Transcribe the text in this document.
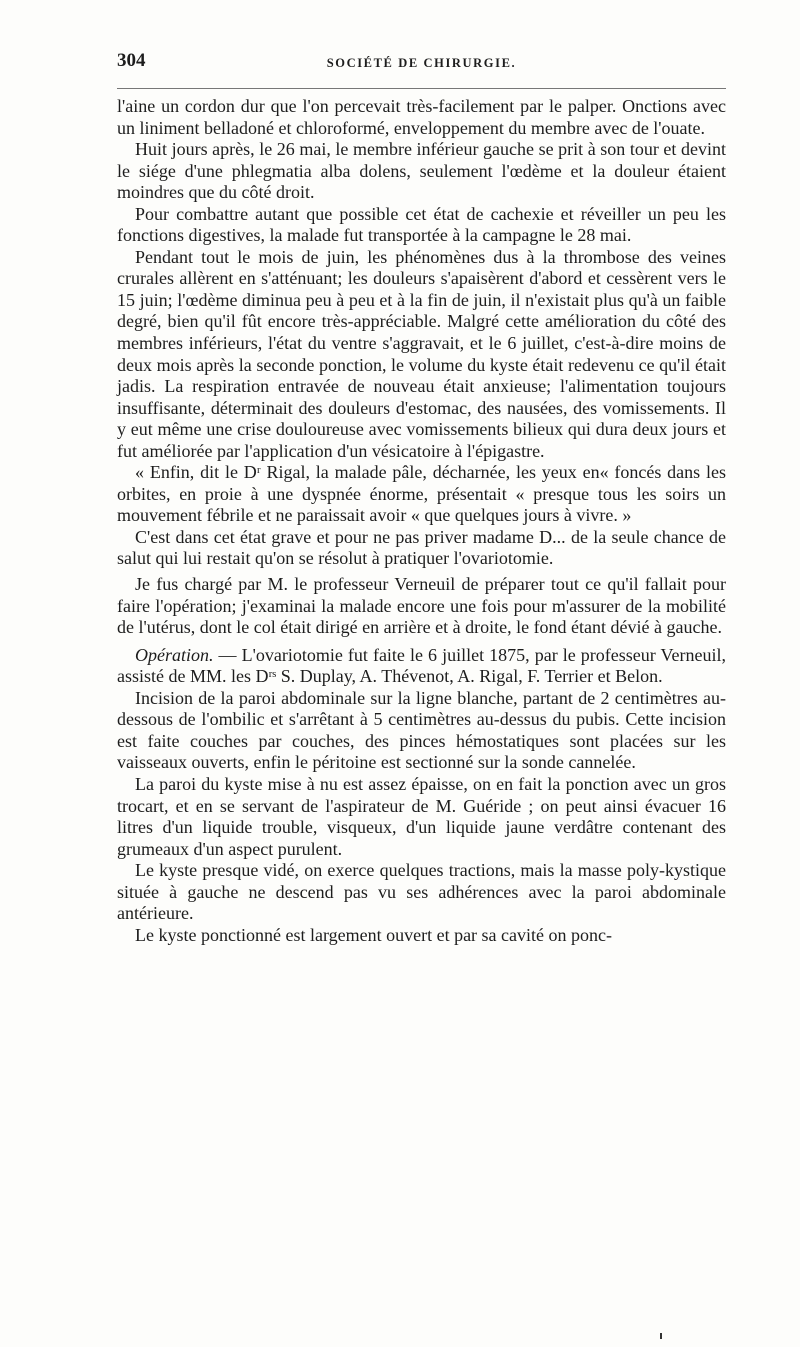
304	SOCIÉTÉ DE CHIRURGIE.

l'aine un cordon dur que l'on percevait très-facilement par le palper. Onctions avec un liniment belladoné et chloroformé, enveloppement du membre avec de l'ouate.

Huit jours après, le 26 mai, le membre inférieur gauche se prit à son tour et devint le siége d'une phlegmatia alba dolens, seulement l'œdème et la douleur étaient moindres que du côté droit.

Pour combattre autant que possible cet état de cachexie et réveiller un peu les fonctions digestives, la malade fut transportée à la campagne le 28 mai.

Pendant tout le mois de juin, les phénomènes dus à la thrombose des veines crurales allèrent en s'atténuant; les douleurs s'apaisèrent d'abord et cessèrent vers le 15 juin; l'œdème diminua peu à peu et à la fin de juin, il n'existait plus qu'à un faible degré, bien qu'il fût encore très-appréciable. Malgré cette amélioration du côté des membres inférieurs, l'état du ventre s'aggravait, et le 6 juillet, c'est-à-dire moins de deux mois après la seconde ponction, le volume du kyste était redevenu ce qu'il était jadis. La respiration entravée de nouveau était anxieuse; l'alimentation toujours insuffisante, déterminait des douleurs d'estomac, des nausées, des vomissements. Il y eut même une crise douloureuse avec vomissements bilieux qui dura deux jours et fut améliorée par l'application d'un vésicatoire à l'épigastre.

« Enfin, dit le Dʳ Rigal, la malade pâle, décharnée, les yeux en« foncés dans les orbites, en proie à une dyspnée énorme, présentait « presque tous les soirs un mouvement fébrile et ne paraissait avoir « que quelques jours à vivre. »

C'est dans cet état grave et pour ne pas priver madame D... de la seule chance de salut qui lui restait qu'on se résolut à pratiquer l'ovariotomie.

Je fus chargé par M. le professeur Verneuil de préparer tout ce qu'il fallait pour faire l'opération; j'examinai la malade encore une fois pour m'assurer de la mobilité de l'utérus, dont le col était dirigé en arrière et à droite, le fond étant dévié à gauche.

Opération. — L'ovariotomie fut faite le 6 juillet 1875, par le professeur Verneuil, assisté de MM. les Dʳˢ S. Duplay, A. Thévenot, A. Rigal, F. Terrier et Belon.

Incision de la paroi abdominale sur la ligne blanche, partant de 2 centimètres au-dessous de l'ombilic et s'arrêtant à 5 centimètres au-dessus du pubis. Cette incision est faite couches par couches, des pinces hémostatiques sont placées sur les vaisseaux ouverts, enfin le péritoine est sectionné sur la sonde cannelée.

La paroi du kyste mise à nu est assez épaisse, on en fait la ponction avec un gros trocart, et en se servant de l'aspirateur de M. Guéride ; on peut ainsi évacuer 16 litres d'un liquide trouble, visqueux, d'un liquide jaune verdâtre contenant des grumeaux d'un aspect purulent.

Le kyste presque vidé, on exerce quelques tractions, mais la masse poly-kystique située à gauche ne descend pas vu ses adhérences avec la paroi abdominale antérieure.

Le kyste ponctionné est largement ouvert et par sa cavité on ponc-
